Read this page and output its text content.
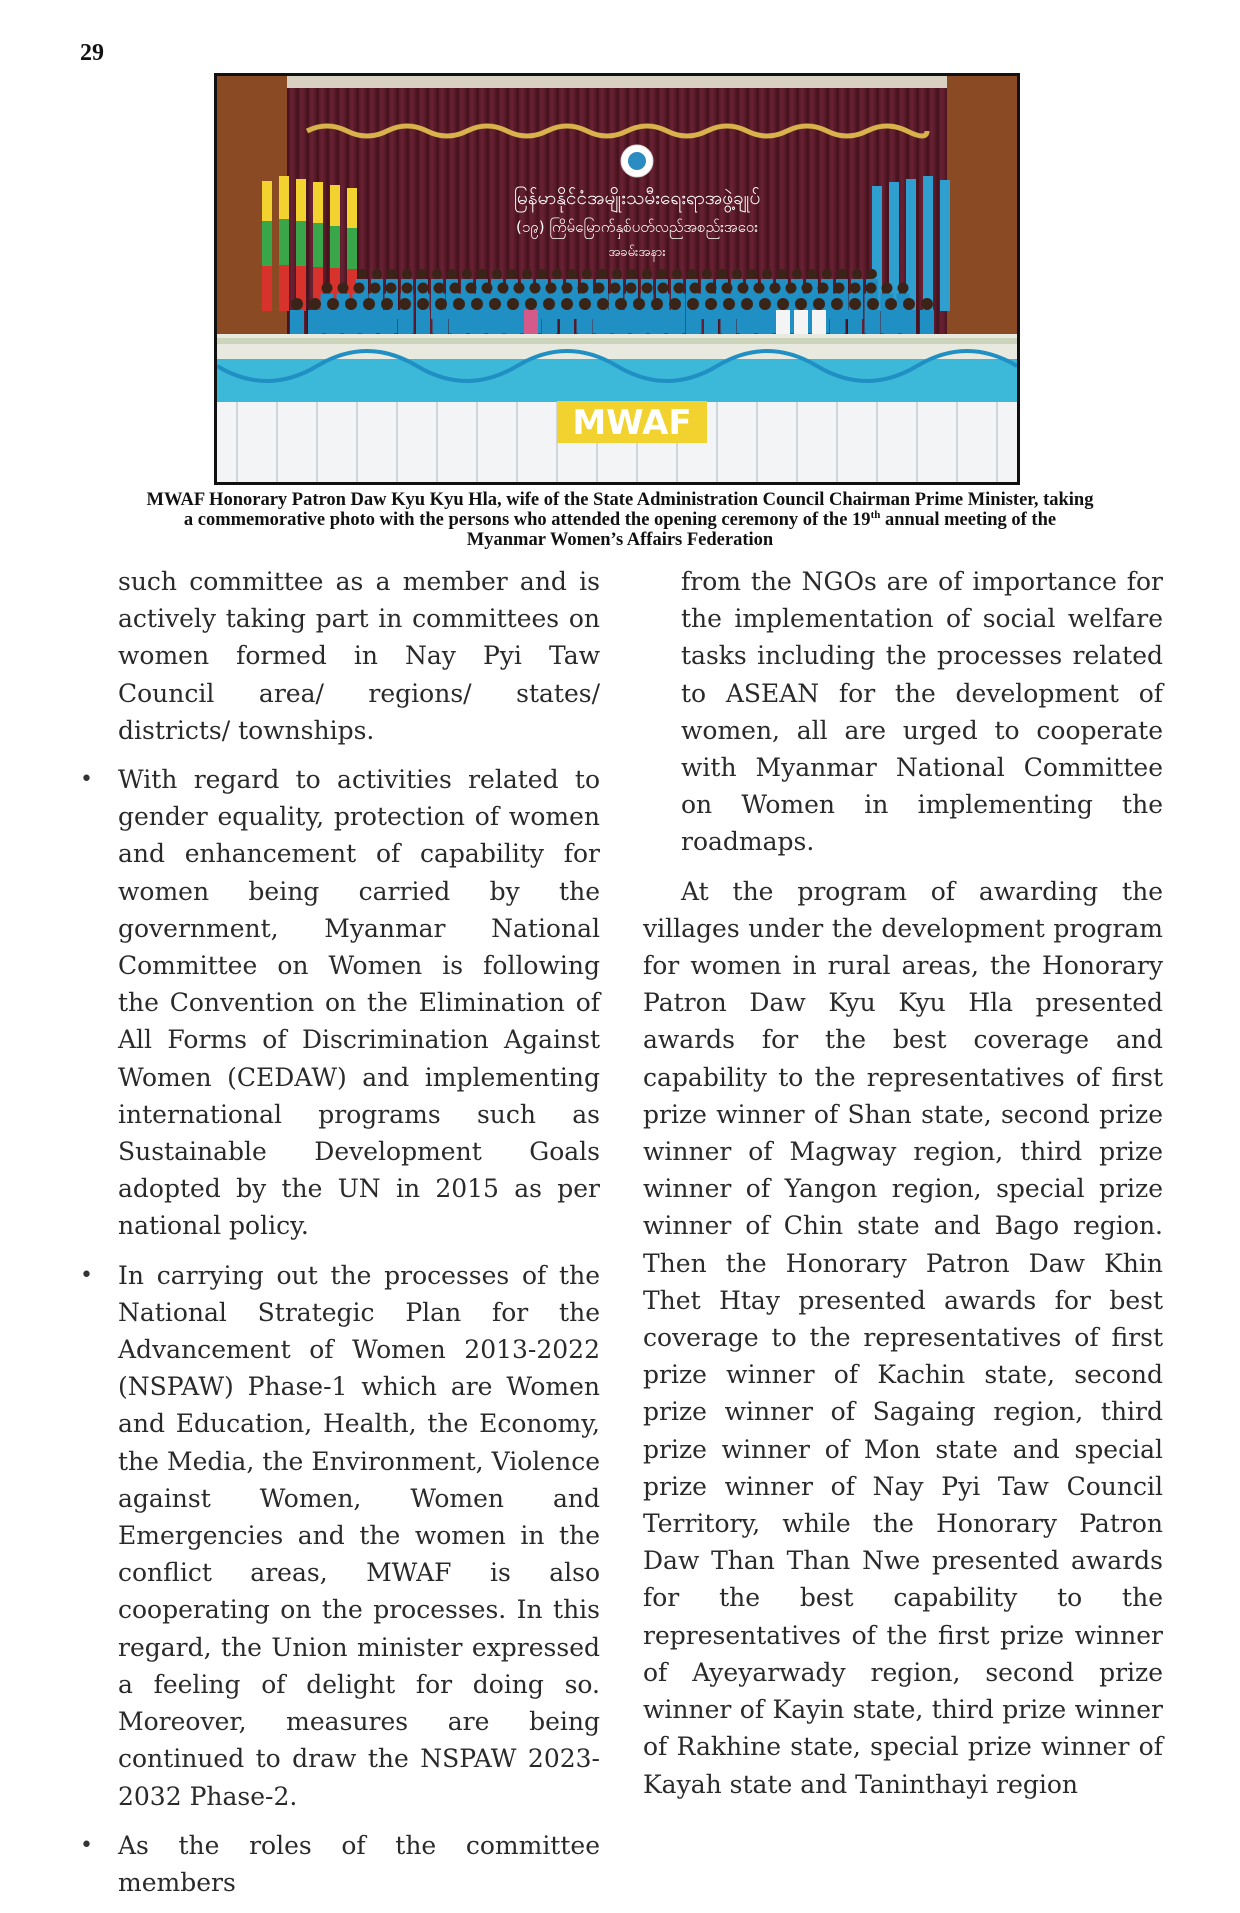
29
မြန်မာနိုင်ငံအမျိုးသမီးရေးရာအဖွဲ့ချုပ်
(၁၉) ကြိမ်မြောက်နှစ်ပတ်လည်အစည်းအဝေး
အခမ်းအနား
MWAF
MWAF Honorary Patron Daw Kyu Kyu Hla, wife of the State Administration Council Chairman Prime Minister, taking
a commemorative photo with the persons who attended the opening ceremony of the 19th annual meeting of the
Myanmar Women’s Affairs Federation

such committee as a member and is actively taking part in committees on women formed in Nay Pyi Taw Council area/ regions/ states/ districts/ townships.

• With regard to activities related to gender equality, protection of women and enhancement of capability for women being carried by the government, Myanmar National Committee on Women is following the Convention on the Elimination of All Forms of Discrimination Against Women (CEDAW) and implementing international programs such as Sustainable Development Goals adopted by the UN in 2015 as per national policy.
• In carrying out the processes of the National Strategic Plan for the Advancement of Women 2013-2022 (NSPAW) Phase-1 which are Women and Education, Health, the Economy, the Media, the Environment, Violence against Women, Women and Emergencies and the women in the conflict areas, MWAF is also cooperating on the processes. In this regard, the Union minister expressed a feeling of delight for doing so. Moreover, measures are being continued to draw the NSPAW 2023-2032 Phase-2.
• As the roles of the committee members

from the NGOs are of importance for the implementation of social welfare tasks including the processes related to ASEAN for the development of women, all are urged to cooperate with Myanmar National Committee on Women in implementing the roadmaps.

At the program of awarding the villages under the development program for women in rural areas, the Honorary Patron Daw Kyu Kyu Hla presented awards for the best coverage and capability to the representatives of first prize winner of Shan state, second prize winner of Magway region, third prize winner of Yangon region, special prize winner of Chin state and Bago region. Then the Honorary Patron Daw Khin Thet Htay presented awards for best coverage to the representatives of first prize winner of Kachin state, second prize winner of Sagaing region, third prize winner of Mon state and special prize winner of Nay Pyi Taw Council Territory, while the Honorary Patron Daw Than Than Nwe presented awards for the best capability to the representatives of the first prize winner of Ayeyarwady region, second prize winner of Kayin state, third prize winner of Rakhine state, special prize winner of Kayah state and Taninthayi region
